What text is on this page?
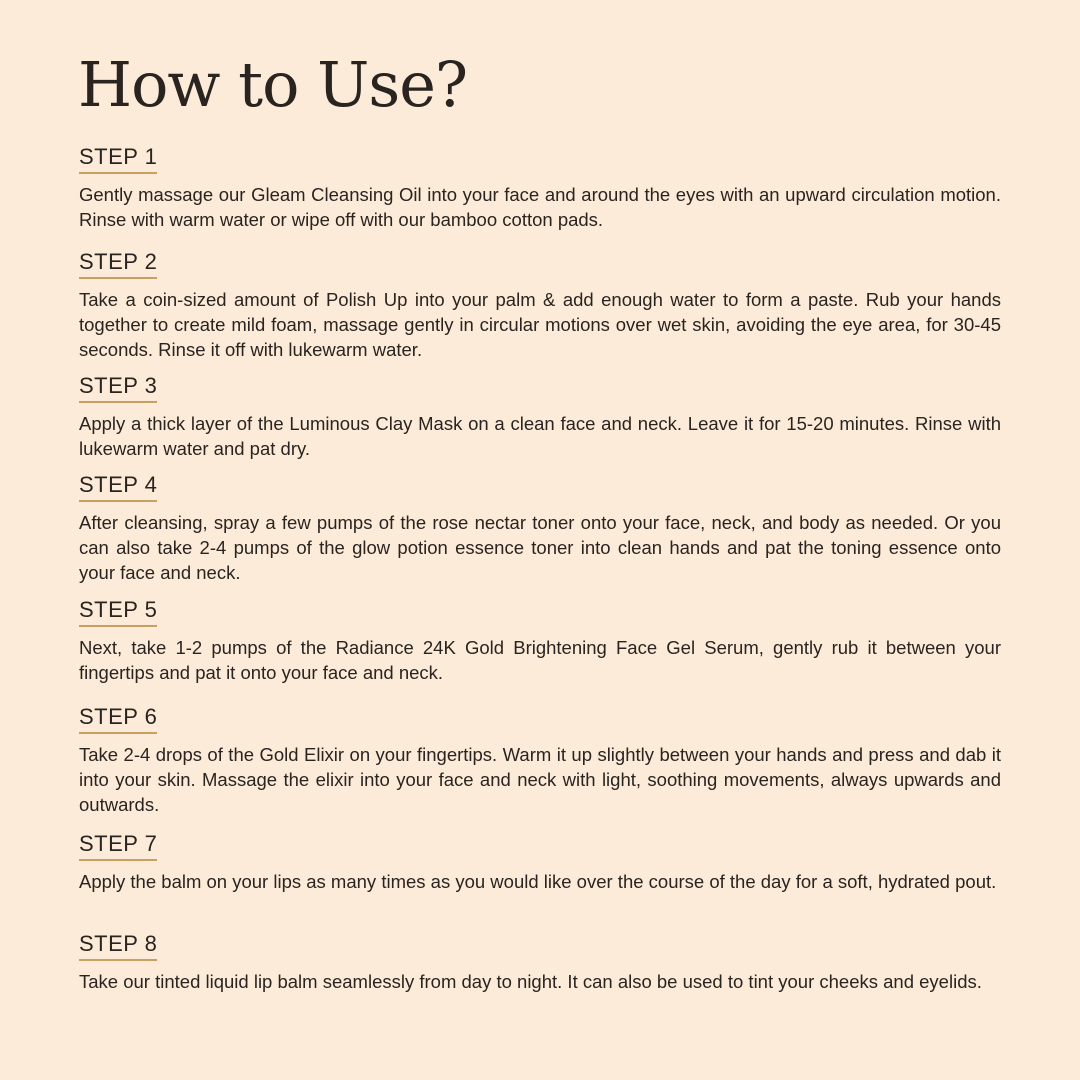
How to Use?
STEP 1

Gently massage our Gleam Cleansing Oil into your face and around the eyes with an upward circulation motion. Rinse with warm water or wipe off with our bamboo cotton pads.

STEP 2

Take a coin-sized amount of Polish Up into your palm & add enough water to form a paste. Rub your hands together to create mild foam, massage gently in circular motions over wet skin, avoiding the eye area, for 30-45 seconds. Rinse it off with lukewarm water.

STEP 3

Apply a thick layer of the Luminous Clay Mask on a clean face and neck. Leave it for 15-20 minutes. Rinse with lukewarm water and pat dry.

STEP 4

After cleansing, spray a few pumps of the rose nectar toner onto your face, neck, and body as needed. Or you can also take 2-4 pumps of the glow potion essence toner into clean hands and pat the toning essence onto your face and neck.

STEP 5

Next, take 1-2 pumps of the Radiance 24K Gold Brightening Face Gel Serum, gently rub it between your fingertips and pat it onto your face and neck.

STEP 6

Take 2-4 drops of the Gold Elixir on your fingertips. Warm it up slightly between your hands and press and dab it into your skin. Massage the elixir into your face and neck with light, soothing movements, always upwards and outwards.

STEP 7

Apply the balm on your lips as many times as you would like over the course of the day for a soft, hydrated pout.

STEP 8

Take our tinted liquid lip balm seamlessly from day to night. It can also be used to tint your cheeks and eyelids.
